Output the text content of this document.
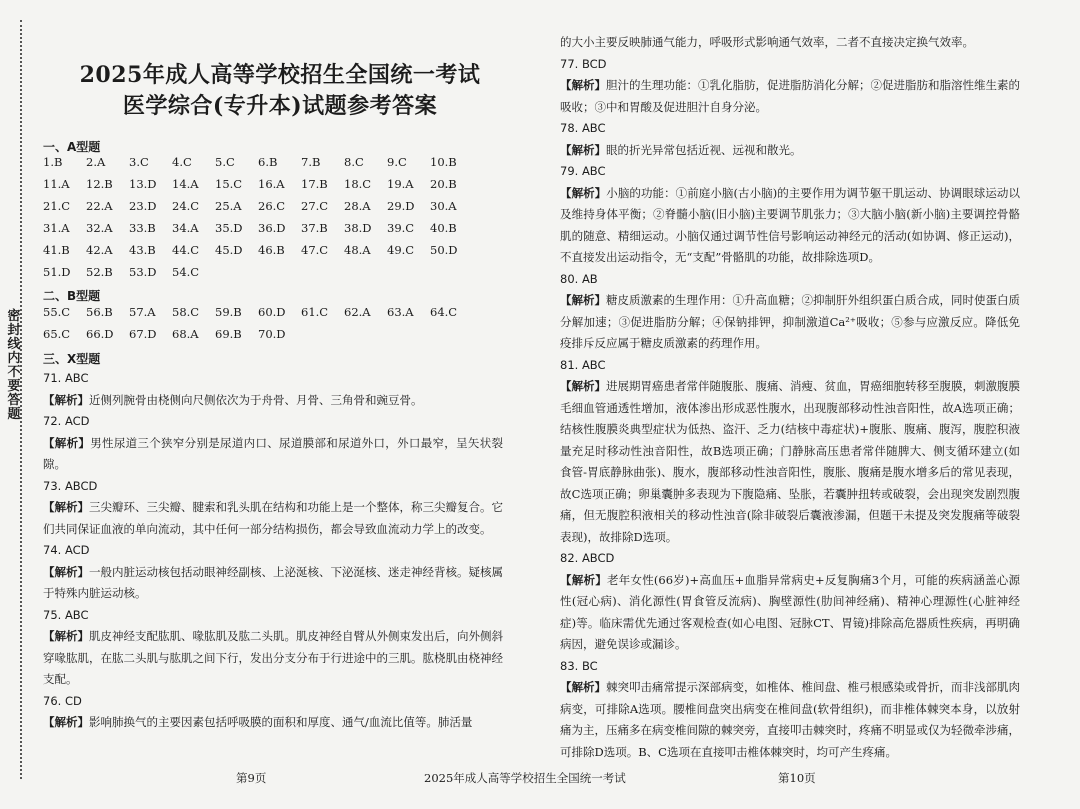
密封线内不要答题
2025年成人高等学校招生全国统一考试
医学综合(专升本)试题参考答案
一、A型题
1.B 2.A 3.C 4.C 5.C 6.B 7.B 8.C 9.C 10.B
11.A 12.B 13.D 14.A 15.C 16.A 17.B 18.C 19.A 20.B
21.C 22.A 23.D 24.C 25.A 26.C 27.C 28.A 29.D 30.A
31.A 32.A 33.B 34.A 35.D 36.D 37.B 38.D 39.C 40.B
41.B 42.A 43.B 44.C 45.D 46.B 47.C 48.A 49.C 50.D
51.D 52.B 53.D 54.C
二、B型题
55.C 56.B 57.A 58.C 59.B 60.D 61.C 62.A 63.A 64.C
65.C 66.D 67.D 68.A 69.B 70.D
三、X型题
71. ABC
【解析】近侧列腕骨由桡侧向尺侧依次为于舟骨、月骨、三角骨和豌豆骨。
72. ACD
【解析】男性尿道三个狭窄分别是尿道内口、尿道膜部和尿道外口，外口最窄，呈矢状裂隙。
73. ABCD
【解析】三尖瓣环、三尖瓣、腱索和乳头肌在结构和功能上是一个整体，称三尖瓣复合。它们共同保证血液的单向流动，其中任何一部分结构损伤，都会导致血流动力学上的改变。
74. ACD
【解析】一般内脏运动核包括动眼神经副核、上泌涎核、下泌涎核、迷走神经背核。疑核属于特殊内脏运动核。
75. ABC
【解析】肌皮神经支配肱肌、喙肱肌及肱二头肌。肌皮神经自臂从外侧束发出后，向外侧斜穿喙肱肌，在肱二头肌与肱肌之间下行，发出分支分布于行进途中的三肌。肱桡肌由桡神经支配。
76. CD
【解析】影响肺换气的主要因素包括呼吸膜的面积和厚度、通气/血流比值等。肺活量
的大小主要反映肺通气能力，呼吸形式影响通气效率，二者不直接决定换气效率。
77. BCD
【解析】胆汁的生理功能：①乳化脂肪，促进脂肪消化分解；②促进脂肪和脂溶性维生素的吸收；③中和胃酸及促进胆汁自身分泌。
78. ABC
【解析】眼的折光异常包括近视、远视和散光。
79. ABC
【解析】小脑的功能：①前庭小脑(古小脑)的主要作用为调节躯干肌运动、协调眼球运动以及维持身体平衡；②脊髓小脑(旧小脑)主要调节肌张力；③大脑小脑(新小脑)主要调控骨骼肌的随意、精细运动。小脑仅通过调节性信号影响运动神经元的活动(如协调、修正运动)，不直接发出运动指令，无“支配”骨骼肌的功能，故排除选项D。
80. AB
【解析】糖皮质激素的生理作用：①升高血糖；②抑制肝外组织蛋白质合成，同时使蛋白质分解加速；③促进脂肪分解；④保钠排钾，抑制激道Ca²⁺吸收；⑤参与应激反应。降低免疫排斥反应属于糖皮质激素的药理作用。
81. ABC
【解析】进展期胃癌患者常伴随腹胀、腹痛、消瘦、贫血，胃癌细胞转移至腹膜，刺激腹膜毛细血管通透性增加，液体渗出形成恶性腹水，出现腹部移动性浊音阳性，故A选项正确；结核性腹膜炎典型症状为低热、盗汗、乏力(结核中毒症状)+腹胀、腹痛、腹泻，腹腔积液量充足时移动性浊音阳性，故B选项正确；门静脉高压患者常伴随脾大、侧支循环建立(如食管-胃底静脉曲张)、腹水，腹部移动性浊音阳性，腹胀、腹痛是腹水增多后的常见表现，故C选项正确；卵巢囊肿多表现为下腹隐痛、坠胀，若囊肿扭转或破裂，会出现突发剧烈腹痛，但无腹腔积液相关的移动性浊音(除非破裂后囊液渗漏，但题干未提及突发腹痛等破裂表现)，故排除D选项。
82. ABCD
【解析】老年女性(66岁)+高血压+血脂异常病史+反复胸痛3个月，可能的疾病涵盖心源性(冠心病)、消化源性(胃食管反流病)、胸壁源性(肋间神经痛)、精神心理源性(心脏神经症)等。临床需优先通过客观检查(如心电图、冠脉CT、胃镜)排除高危器质性疾病，再明确病因，避免误诊或漏诊。
83. BC
【解析】棘突叩击痛常提示深部病变，如椎体、椎间盘、椎弓根感染或骨折，而非浅部肌肉病变，可排除A选项。腰椎间盘突出病变在椎间盘(软骨组织)，而非椎体棘突本身，以放射痛为主，压痛多在病变椎间隙的棘突旁，直接叩击棘突时，疼痛不明显或仅为轻微牵涉痛，可排除D选项。B、C选项在直接叩击椎体棘突时，均可产生疼痛。
第9页	2025年成人高等学校招生全国统一考试	第10页
